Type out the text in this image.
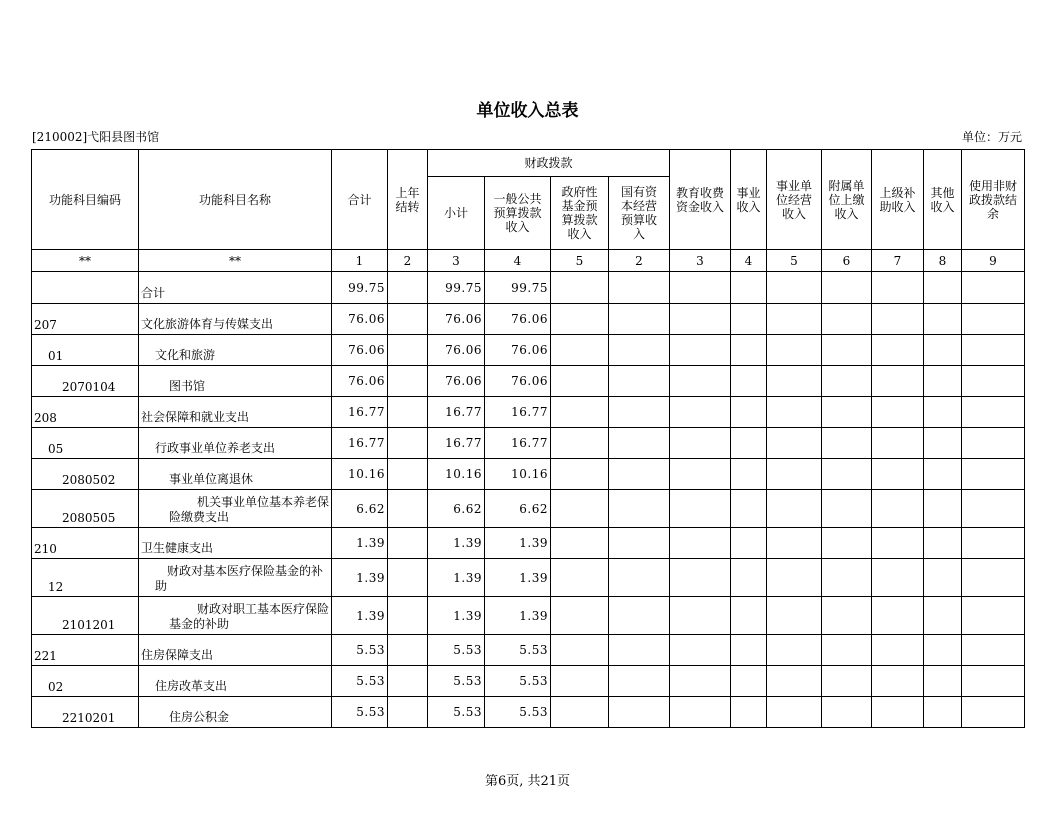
单位收入总表
[210002]弋阳县图书馆	单位：万元
功能科目编码	功能科目名称	合计	上年结转	财政拨款				教育收费资金收入	事业收入	事业单位经营收入	附属单位上缴收入	上级补助收入	其他收入	使用非财政拨款结余
				小计	一般公共预算拨款收入	政府性基金预算拨款收入	国有资本经营预算收入							
**	**	1	2	3	4	5	2	3	4	5	6	7	8	9
	合计	99.75		99.75	99.75									
207	文化旅游体育与传媒支出	76.06		76.06	76.06									
01	文化和旅游	76.06		76.06	76.06									
2070104	图书馆	76.06		76.06	76.06									
208	社会保障和就业支出	16.77		16.77	16.77									
05	行政事业单位养老支出	16.77		16.77	16.77									
2080502	事业单位离退休	10.16		10.16	10.16									
2080505	机关事业单位基本养老保险缴费支出	6.62		6.62	6.62									
210	卫生健康支出	1.39		1.39	1.39									
12	财政对基本医疗保险基金的补助	1.39		1.39	1.39									
2101201	财政对职工基本医疗保险基金的补助	1.39		1.39	1.39									
221	住房保障支出	5.53		5.53	5.53									
02	住房改革支出	5.53		5.53	5.53									
2210201	住房公积金	5.53		5.53	5.53									
第6页, 共21页
